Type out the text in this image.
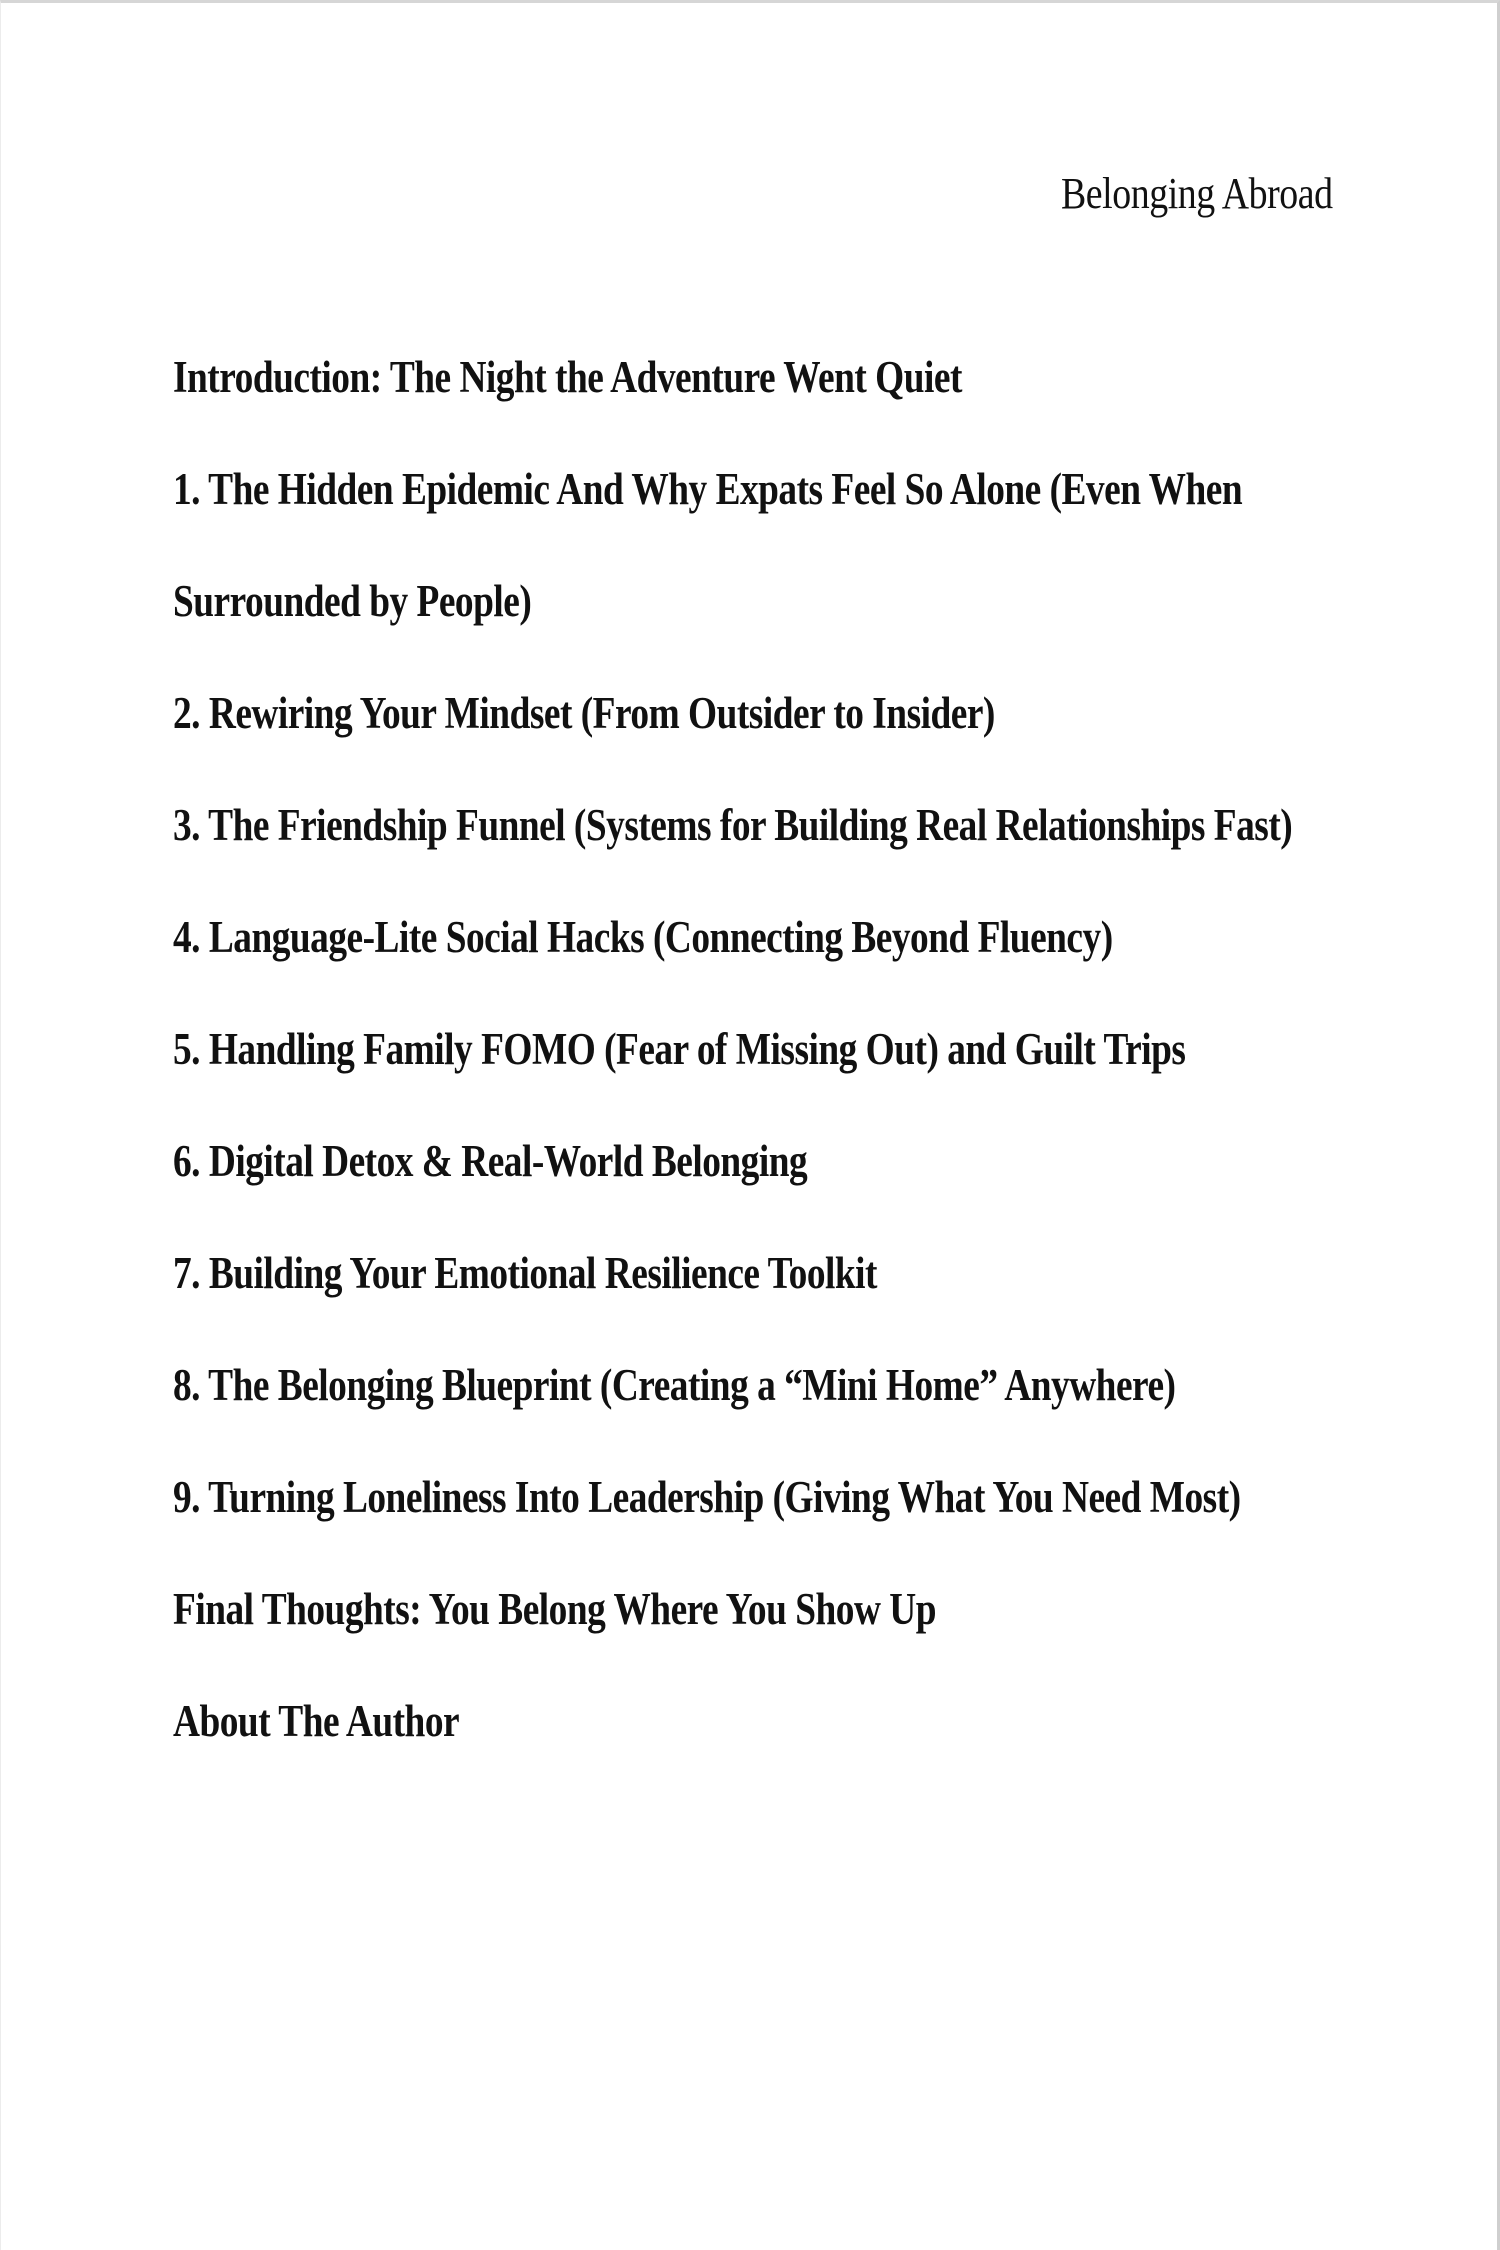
Belonging Abroad
Introduction: The Night the Adventure Went Quiet
1. The Hidden Epidemic And Why Expats Feel So Alone (Even When Surrounded by People)
2. Rewiring Your Mindset (From Outsider to Insider)
3. The Friendship Funnel (Systems for Building Real Relationships Fast)
4. Language-Lite Social Hacks (Connecting Beyond Fluency)
5. Handling Family FOMO (Fear of Missing Out) and Guilt Trips
6. Digital Detox & Real-World Belonging
7. Building Your Emotional Resilience Toolkit
8. The Belonging Blueprint (Creating a “Mini Home” Anywhere)
9. Turning Loneliness Into Leadership (Giving What You Need Most)
Final Thoughts: You Belong Where You Show Up
About The Author
